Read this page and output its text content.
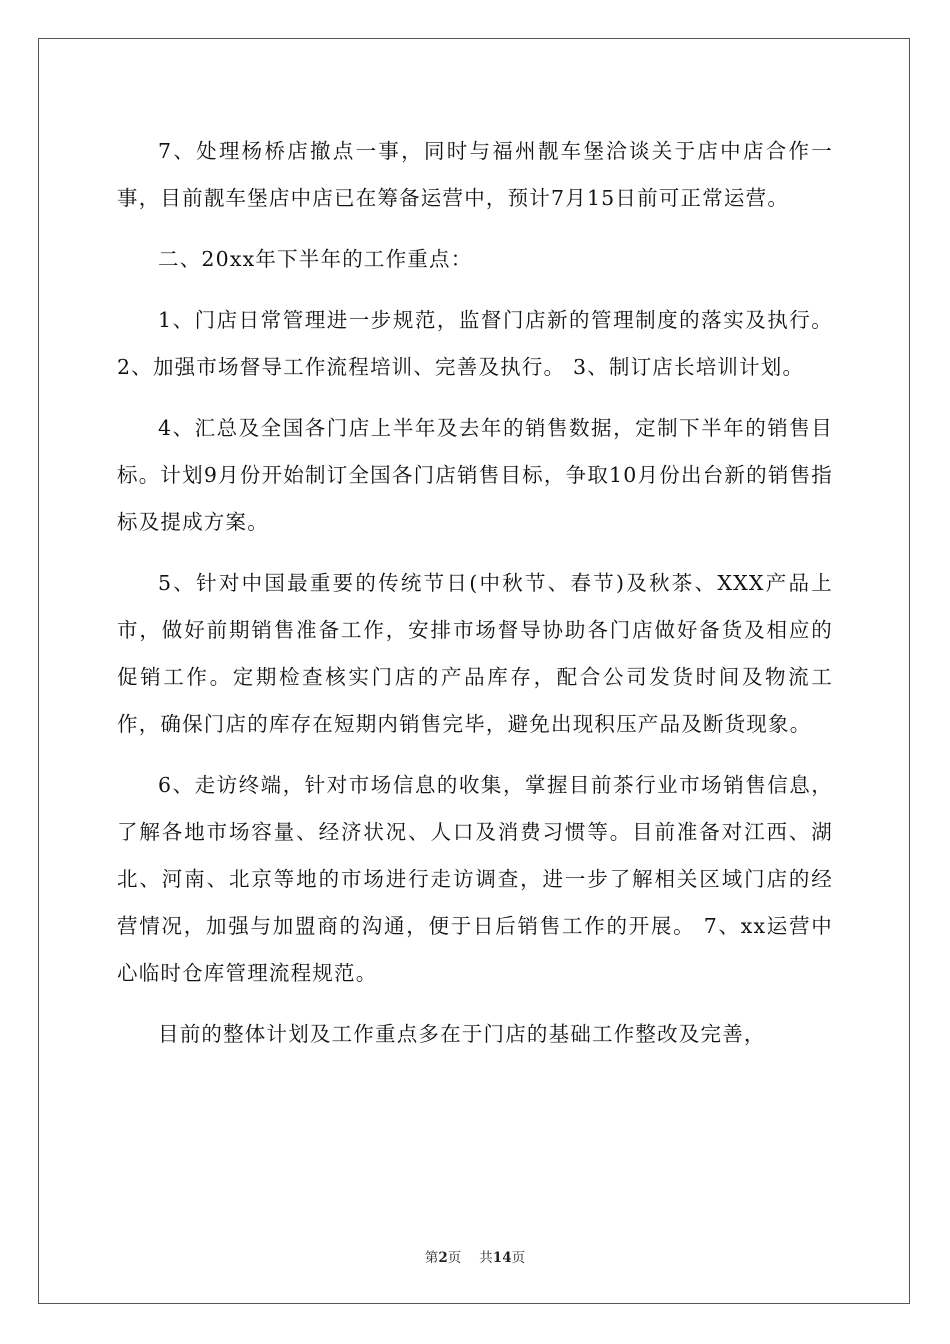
7、处理杨桥店撤点一事，同时与福州靓车堡洽谈关于店中店合作一事，目前靓车堡店中店已在筹备运营中，预计7月15日前可正常运营。

二、20xx年下半年的工作重点：

1、门店日常管理进一步规范，监督门店新的管理制度的落实及执行。 2、加强市场督导工作流程培训、完善及执行。 3、制订店长培训计划。

4、汇总及全国各门店上半年及去年的销售数据，定制下半年的销售目标。计划9月份开始制订全国各门店销售目标，争取10月份出台新的销售指标及提成方案。

5、针对中国最重要的传统节日(中秋节、春节)及秋茶、XXX产品上市，做好前期销售准备工作，安排市场督导协助各门店做好备货及相应的促销工作。定期检查核实门店的产品库存，配合公司发货时间及物流工作，确保门店的库存在短期内销售完毕，避免出现积压产品及断货现象。

6、走访终端，针对市场信息的收集，掌握目前茶行业市场销售信息，了解各地市场容量、经济状况、人口及消费习惯等。目前准备对江西、湖北、河南、北京等地的市场进行走访调查，进一步了解相关区域门店的经营情况，加强与加盟商的沟通，便于日后销售工作的开展。 7、xx运营中心临时仓库管理流程规范。

目前的整体计划及工作重点多在于门店的基础工作整改及完善，

第2页 共14页
